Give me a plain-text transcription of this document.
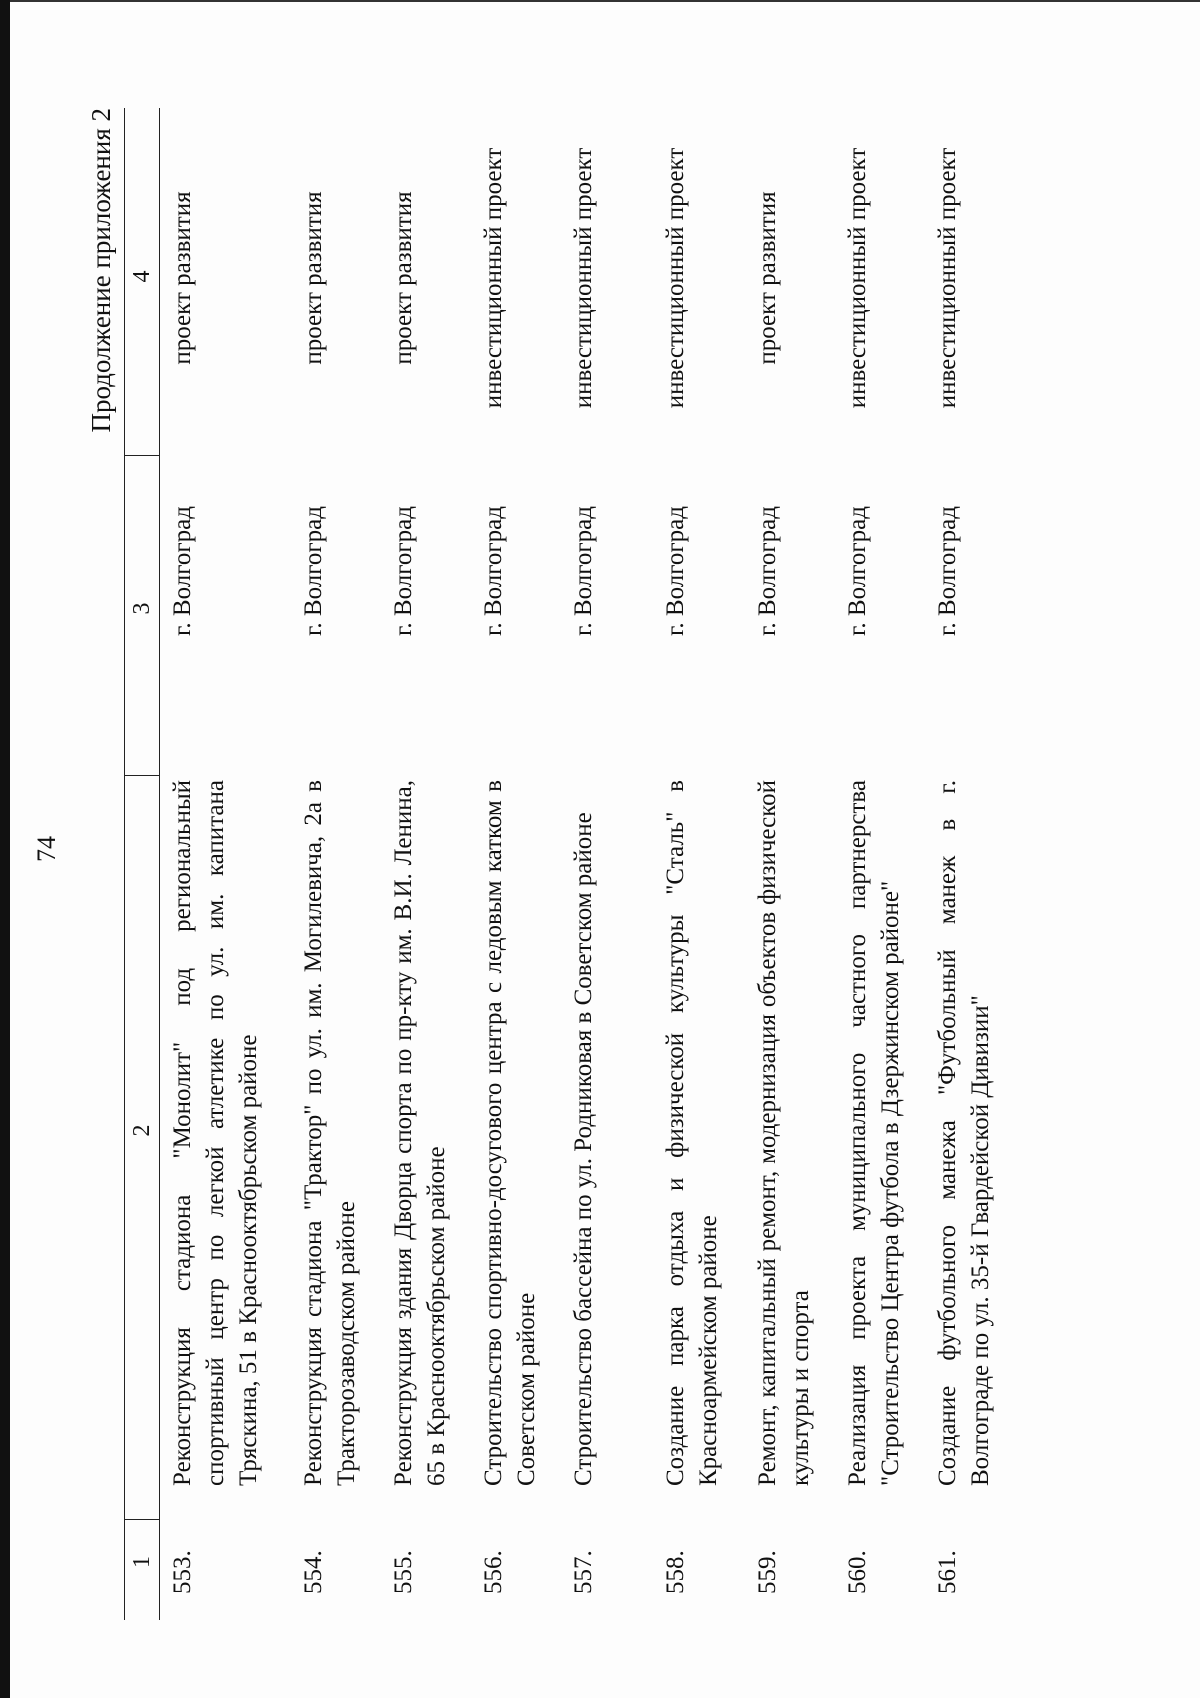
74
Продолжение приложения 2
1
2
3
4
553.
Реконструкция стадиона "Монолит" под региональный спортивный центр по легкой атлетике по ул. им. капитана Тряскина, 51 в Краснооктябрьском районе
г. Волгоград
проект развития
554.
Реконструкция стадиона "Трактор" по ул. им. Могилевича, 2а в Тракторозаводском районе
г. Волгоград
проект развития
555.
Реконструкция здания Дворца спорта по пр-кту им. В.И. Ленина, 65 в Краснооктябрьском районе
г. Волгоград
проект развития
556.
Строительство спортивно-досугового центра с ледовым катком в Советском районе
г. Волгоград
инвестиционный проект
557.
Строительство бассейна по ул. Родниковая в Советском районе
г. Волгоград
инвестиционный проект
558.
Создание парка отдыха и физической культуры "Сталь" в Красноармейском районе
г. Волгоград
инвестиционный проект
559.
Ремонт, капитальный ремонт, модернизация объектов физической культуры и спорта
г. Волгоград
проект развития
560.
Реализация проекта муниципального частного партнерства "Строительство Центра футбола в Дзержинском районе"
г. Волгоград
инвестиционный проект
561.
Создание футбольного манежа "Футбольный манеж в г. Волгограде по ул. 35-й Гвардейской Дивизии"
г. Волгоград
инвестиционный проект
